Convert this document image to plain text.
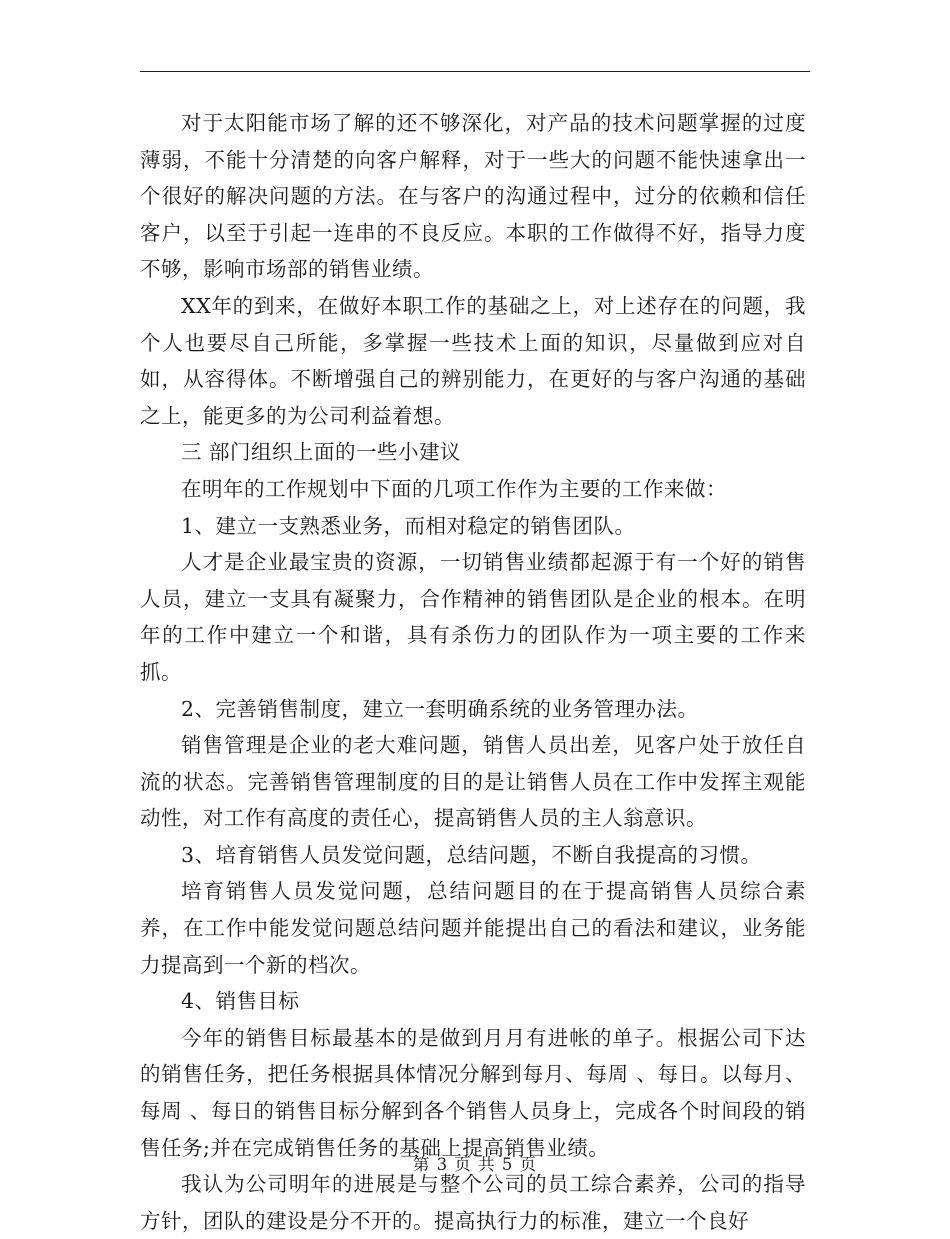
对于太阳能市场了解的还不够深化，对产品的技术问题掌握的过度薄弱，不能十分清楚的向客户解释，对于一些大的问题不能快速拿出一个很好的解决问题的方法。在与客户的沟通过程中，过分的依赖和信任客户，以至于引起一连串的不良反应。本职的工作做得不好，指导力度不够，影响市场部的销售业绩。

XX年的到来，在做好本职工作的基础之上，对上述存在的问题，我个人也要尽自己所能，多掌握一些技术上面的知识，尽量做到应对自如，从容得体。不断增强自己的辨别能力，在更好的与客户沟通的基础之上，能更多的为公司利益着想。

三 部门组织上面的一些小建议

在明年的工作规划中下面的几项工作作为主要的工作来做：

1、建立一支熟悉业务，而相对稳定的销售团队。

人才是企业最宝贵的资源，一切销售业绩都起源于有一个好的销售人员，建立一支具有凝聚力，合作精神的销售团队是企业的根本。在明年的工作中建立一个和谐，具有杀伤力的团队作为一项主要的工作来抓。

2、完善销售制度，建立一套明确系统的业务管理办法。

销售管理是企业的老大难问题，销售人员出差，见客户处于放任自流的状态。完善销售管理制度的目的是让销售人员在工作中发挥主观能动性，对工作有高度的责任心，提高销售人员的主人翁意识。

3、培育销售人员发觉问题，总结问题，不断自我提高的习惯。

培育销售人员发觉问题，总结问题目的在于提高销售人员综合素养，在工作中能发觉问题总结问题并能提出自己的看法和建议，业务能力提高到一个新的档次。

4、销售目标

今年的销售目标最基本的是做到月月有进帐的单子。根据公司下达的销售任务，把任务根据具体情况分解到每月、每周 、每日。以每月、每周 、每日的销售目标分解到各个销售人员身上，完成各个时间段的销售任务;并在完成销售任务的基础上提高销售业绩。

我认为公司明年的进展是与整个公司的员工综合素养，公司的指导方针，团队的建设是分不开的。提高执行力的标准，建立一个良好

第 3 页 共 5 页
